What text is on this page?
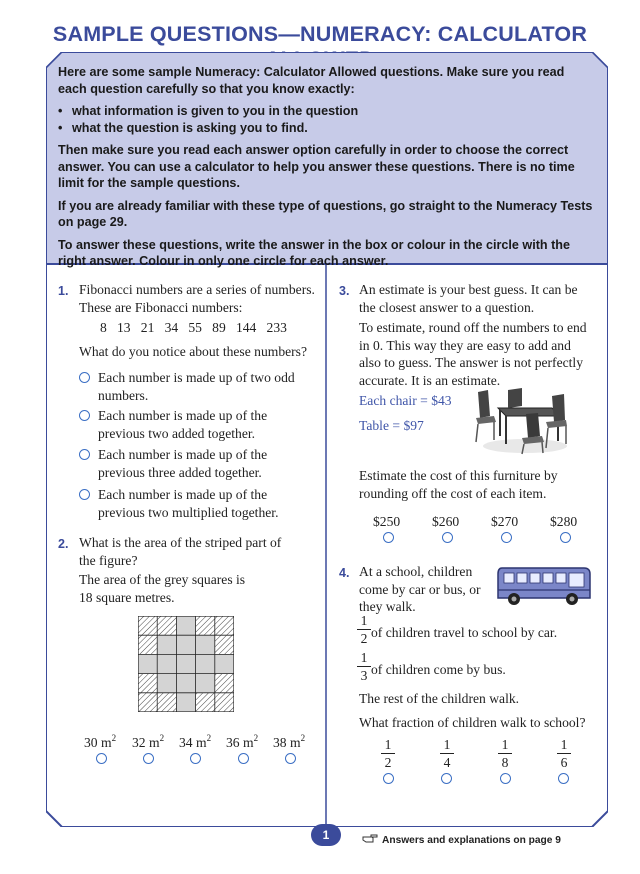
SAMPLE QUESTIONS—NUMERACY: CALCULATOR

Here are some sample Numeracy: Calculator Allowed questions. Make sure you read each question carefully so that you know exactly:

• what information is given to you in the question
• what the question is asking you to find.

Then make sure you read each answer option carefully in order to choose the correct answer. You can use a calculator to help you answer these questions. There is no time limit for the sample questions.

If you are already familiar with these type of questions, go straight to the Numeracy Tests on page 29.

To answer these questions, write the answer in the box or colour in the circle with the right answer. Colour in only one circle for each answer.

1. Fibonacci numbers are a series of numbers.
These are Fibonacci numbers:
8   13   21   34   55   89   144   233
What do you notice about these numbers?
Each number is made up of two odd numbers.
Each number is made up of the previous two added together.
Each number is made up of the previous three added together.
Each number is made up of the previous two multiplied together.
2. What is the area of the striped part of the figure?
The area of the grey squares is 18 square metres.
30 $m^2$ 32 $m^2$ 34 $m^2$ 36 $m^2$ 38 $m^2$
3. An estimate is your best guess. It can be the closest answer to a question.
To estimate, round off the numbers to end in 0. This way they are easy to add and also to guess. The answer is not perfectly accurate. It is an estimate.
Each chair = $43
Table = $97
Estimate the cost of this furniture by rounding off the cost of each item.
$250 $260 $270 $280
4. At a school, children come by car or bus, or they walk.
1
2 of children travel to school by car.
1
3 of children come by bus.
The rest of the children walk.
What fraction of children walk to school?
1
2
1
4
1
8
1
6
1	Answers and explanations on page 9
